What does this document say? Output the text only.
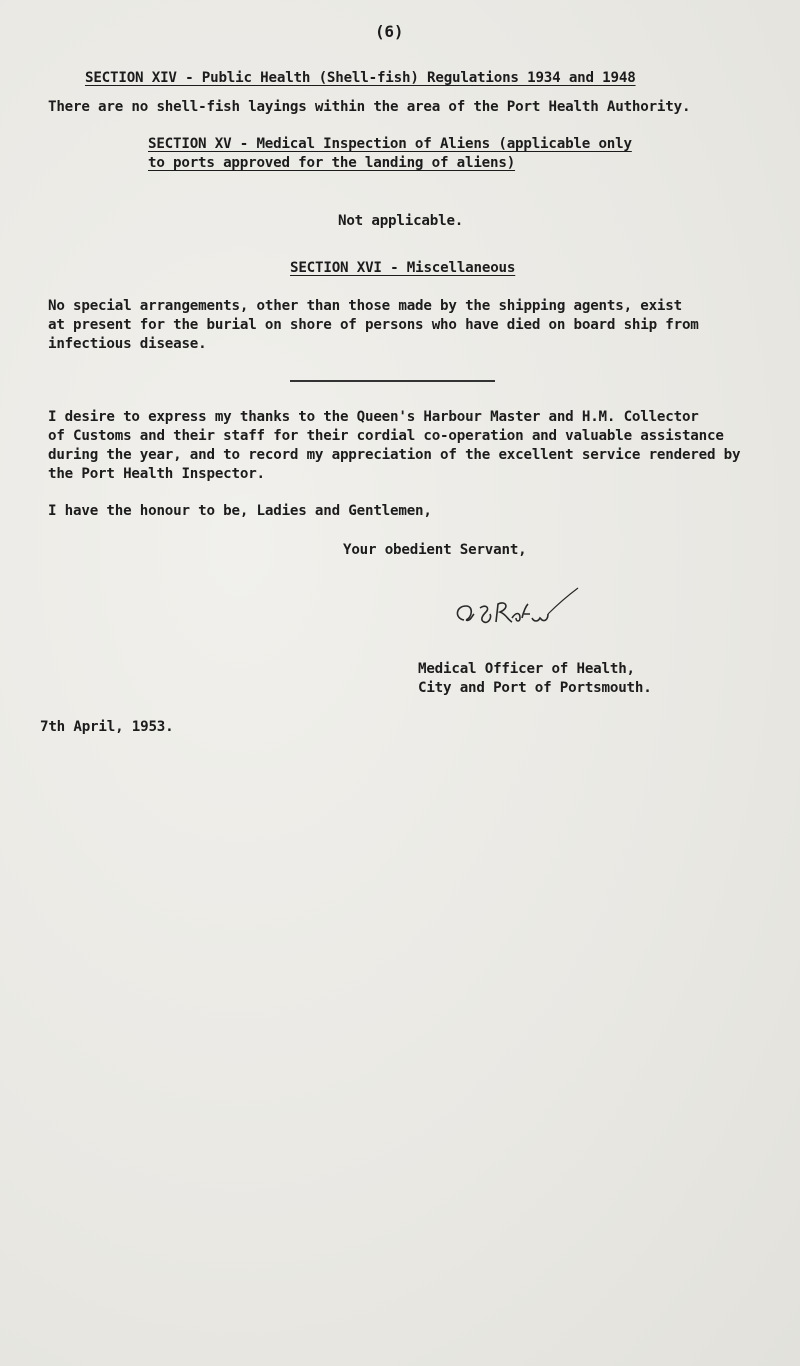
(6)

SECTION XIV - Public Health (Shell-fish) Regulations 1934 and 1948

There are no shell-fish layings within the area of the Port Health Authority.

SECTION XV - Medical Inspection of Aliens (applicable only

to ports approved for the landing of aliens)

Not applicable.

SECTION XVI - Miscellaneous

No special arrangements, other than those made by the shipping agents, exist

at present for the burial on shore of persons who have died on board ship from

infectious disease.

I desire to express my thanks to the Queen's Harbour Master and H.M. Collector

of Customs and their staff for their cordial co-operation and valuable assistance

during the year, and to record my appreciation of the excellent service rendered by

the Port Health Inspector.

I have the honour to be, Ladies and Gentlemen,

Your obedient Servant,

Medical Officer of Health,

City and Port of Portsmouth.

7th April, 1953.
